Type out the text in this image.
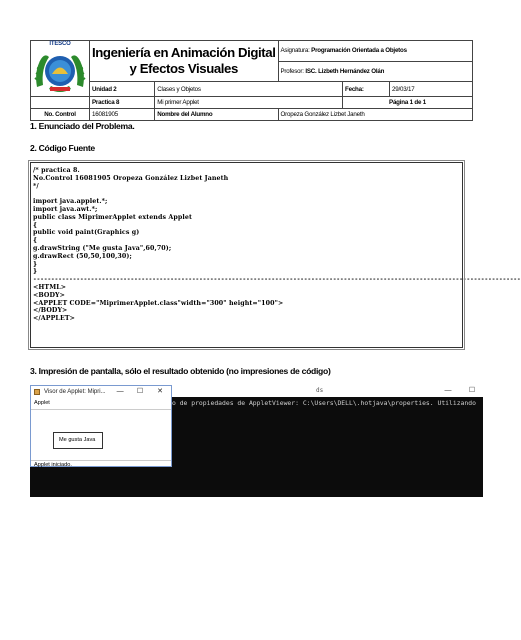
ITESCO	Ingeniería en Animación Digital
y Efectos Visuales		Asignatura: Programación Orientada a Objetos		
			Profesor: ISC. Lizbeth Hernández Olán		
	Unidad 2	Clases y Objetos		Fecha:	29/03/17
	Practica 8	Mi primer Applet		Página 1 de 1	
No. Control	16081905	Nombre del Alumno	Oropeza González Lizbet Janeth		
1. Enunciado del Problema.
2. Código Fuente
/* practica 8.
No.Control 16081905 Oropeza González Lizbet Janeth
*/
import java.applet.*;
import java.awt.*;
public class MiprimerApplet extends Applet
{
public void paint(Graphics g)
{
g.drawString ("Me gusta Java",60,70);
g.drawRect (50,50,100,30);
}
}
---------------------------------------------------------------------------------------------------------------------------------------
<HTML>
<BODY>
<APPLET CODE="MiprimerApplet.class"width="300" height="100">
</BODY>
</APPLET>
3. Impresión de pantalla, sólo el resultado obtenido (no impresiones de código)
ds	— ☐
o de propiedades de AppletViewer: C:\Users\DELL\.hotjava\properties. Utilizando
Visor de Applet: Mipri...	— ☐ ✕
Applet
Me gusta Java
Applet iniciado.
